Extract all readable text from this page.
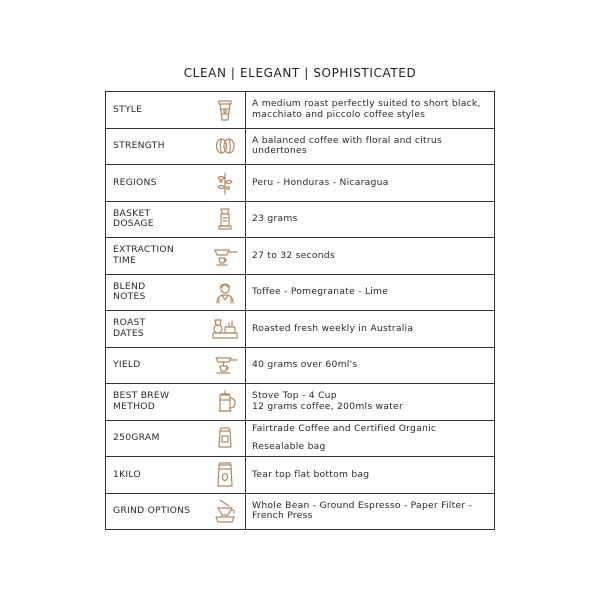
CLEAN | ELEGANT | SOPHISTICATED
STYLE		A medium roast perfectly suited to short black,
macchiato and piccolo coffee styles

STRENGTH		A balanced coffee with floral and citrus
undertones

REGIONS		Peru - Honduras - Nicaragua

BASKET
DOSAGE		23 grams

EXTRACTION
TIME		27 to 32 seconds

BLEND
NOTES		Toffee - Pomegranate - Lime

ROAST
DATES		Roasted fresh weekly in Australia

YIELD		40 grams over 60ml's

BEST BREW
METHOD		Stove Top - 4 Cup
12 grams coffee, 200mls water

250GRAM		Fairtrade Coffee and Certified Organic
Resealable bag

1KILO		Tear top flat bottom bag

GRIND OPTIONS		Whole Bean - Ground Espresso - Paper Filter -
French Press
